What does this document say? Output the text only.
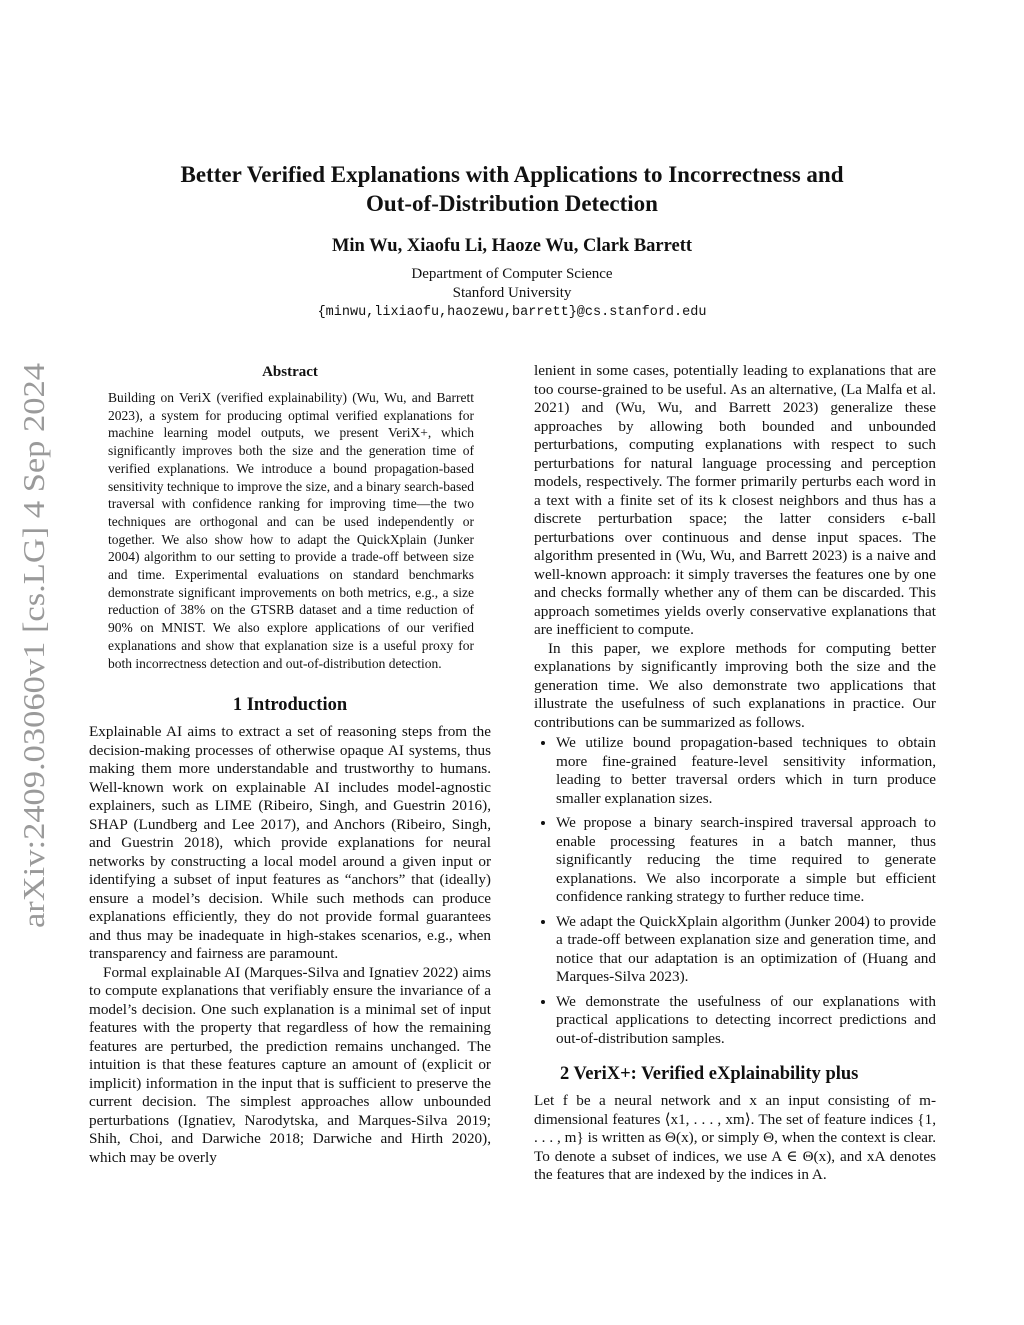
arXiv:2409.03060v1 [cs.LG] 4 Sep 2024
Better Verified Explanations with Applications to Incorrectness and
Out-of-Distribution Detection
Min Wu, Xiaofu Li, Haoze Wu, Clark Barrett
Department of Computer Science
Stanford University
{minwu,lixiaofu,haozewu,barrett}@cs.stanford.edu
Abstract

Building on VeriX (verified explainability) (Wu, Wu, and Barrett 2023), a system for producing optimal verified explanations for machine learning model outputs, we present VeriX+, which significantly improves both the size and the generation time of verified explanations. We introduce a bound propagation-based sensitivity technique to improve the size, and a binary search-based traversal with confidence ranking for improving time—the two techniques are orthogonal and can be used independently or together. We also show how to adapt the QuickXplain (Junker 2004) algorithm to our setting to provide a trade-off between size and time. Experimental evaluations on standard benchmarks demonstrate significant improvements on both metrics, e.g., a size reduction of 38% on the GTSRB dataset and a time reduction of 90% on MNIST. We also explore applications of our verified explanations and show that explanation size is a useful proxy for both incorrectness detection and out-of-distribution detection.

1 Introduction

Explainable AI aims to extract a set of reasoning steps from the decision-making processes of otherwise opaque AI systems, thus making them more understandable and trustworthy to humans. Well-known work on explainable AI includes model-agnostic explainers, such as LIME (Ribeiro, Singh, and Guestrin 2016), SHAP (Lundberg and Lee 2017), and Anchors (Ribeiro, Singh, and Guestrin 2018), which provide explanations for neural networks by constructing a local model around a given input or identifying a subset of input features as “anchors” that (ideally) ensure a model’s decision. While such methods can produce explanations efficiently, they do not provide formal guarantees and thus may be inadequate in high-stakes scenarios, e.g., when transparency and fairness are paramount.

Formal explainable AI (Marques-Silva and Ignatiev 2022) aims to compute explanations that verifiably ensure the invariance of a model’s decision. One such explanation is a minimal set of input features with the property that regardless of how the remaining features are perturbed, the prediction remains unchanged. The intuition is that these features capture an amount of (explicit or implicit) information in the input that is sufficient to preserve the current decision. The simplest approaches allow unbounded perturbations (Ignatiev, Narodytska, and Marques-Silva 2019; Shih, Choi, and Darwiche 2018; Darwiche and Hirth 2020), which may be overly

lenient in some cases, potentially leading to explanations that are too course-grained to be useful. As an alternative, (La Malfa et al. 2021) and (Wu, Wu, and Barrett 2023) generalize these approaches by allowing both bounded and unbounded perturbations, computing explanations with respect to such perturbations for natural language processing and perception models, respectively. The former primarily perturbs each word in a text with a finite set of its k closest neighbors and thus has a discrete perturbation space; the latter considers ϵ-ball perturbations over continuous and dense input spaces. The algorithm presented in (Wu, Wu, and Barrett 2023) is a naive and well-known approach: it simply traverses the features one by one and checks formally whether any of them can be discarded. This approach sometimes yields overly conservative explanations that are inefficient to compute.

In this paper, we explore methods for computing better explanations by significantly improving both the size and the generation time. We also demonstrate two applications that illustrate the usefulness of such explanations in practice. Our contributions can be summarized as follows.

• We utilize bound propagation-based techniques to obtain more fine-grained feature-level sensitivity information, leading to better traversal orders which in turn produce smaller explanation sizes.
• We propose a binary search-inspired traversal approach to enable processing features in a batch manner, thus significantly reducing the time required to generate explanations. We also incorporate a simple but efficient confidence ranking strategy to further reduce time.
• We adapt the QuickXplain algorithm (Junker 2004) to provide a trade-off between explanation size and generation time, and notice that our adaptation is an optimization of (Huang and Marques-Silva 2023).
• We demonstrate the usefulness of our explanations with practical applications to detecting incorrect predictions and out-of-distribution samples.
2 VeriX+: Verified eXplainability plus

Let f be a neural network and x an input consisting of m-dimensional features ⟨x1, . . . , xm⟩. The set of feature indices {1, . . . , m} is written as Θ(x), or simply Θ, when the context is clear. To denote a subset of indices, we use A ∈ Θ(x), and xA denotes the features that are indexed by the indices in A.
